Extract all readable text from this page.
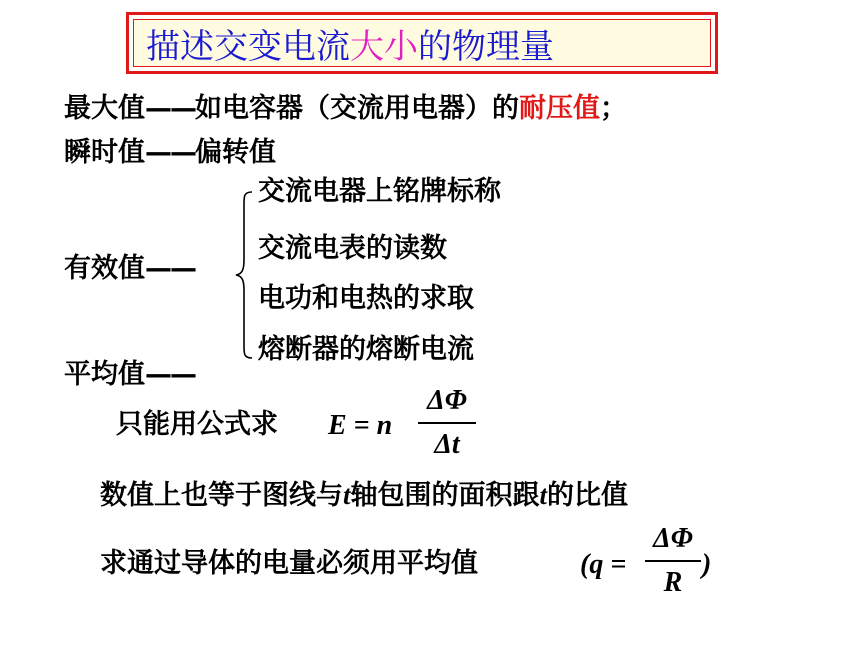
描述交变电流大小的物理量
最大值——如电容器（交流用电器）的耐压值；
瞬时值——偏转值
交流电器上铭牌标称
交流电表的读数
电功和电热的求取
熔断器的熔断电流
有效值——
平均值——
只能用公式求 E = n
ΔΦ
Δt
数值上也等于图线与t轴包围的面积跟t的比值
求通过导体的电量必须用平均值	(q =
ΔΦ
R
)
